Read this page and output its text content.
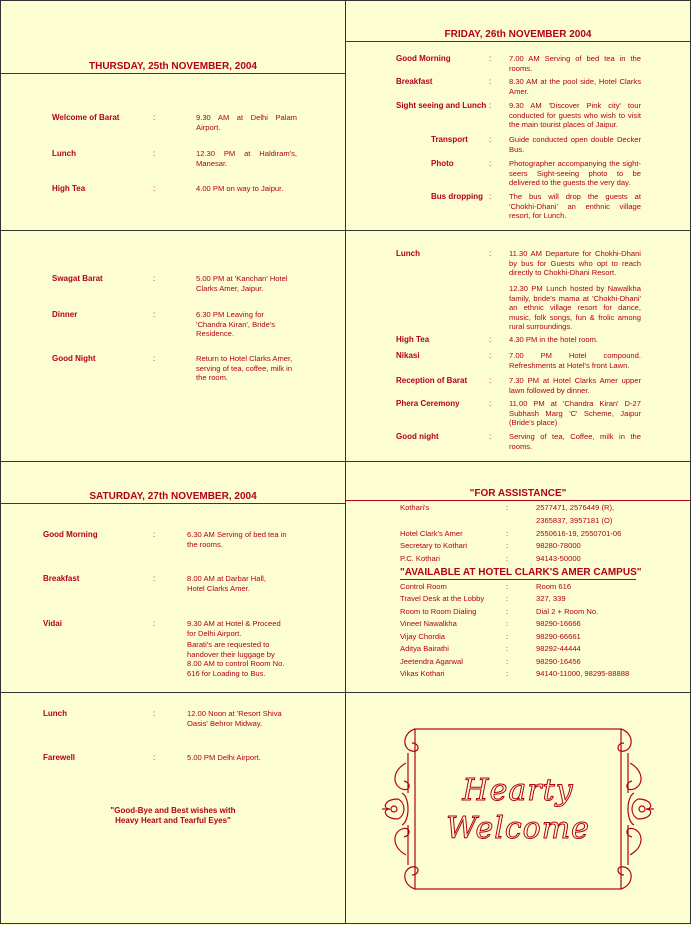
THURSDAY, 25th NOVEMBER, 2004
Welcome of Barat	:	9.30 AM at Delhi Palam Airport.
Lunch	:	12.30 PM at Haldiram's, Manesar.
High Tea	:	4.00 PM on way to Jaipur.
FRIDAY, 26th NOVEMBER 2004
Good Morning	: 7.00 AM Serving of bed tea in the rooms.
Breakfast	: 8.30 AM at the pool side, Hotel Clarks Amer.
Sight seeing and Lunch : 9.30 AM 'Discover Pink city' tour conducted for guests who wish to visit the main tourist places of Jaipur.
Transport	: Guide conducted open double Decker Bus.
Photo	: Photographer accompanying the sight-seers Sight-seeing photo to be delivered to the guests the very day.
Bus dropping : The bus will drop the guests at 'Chokhi-Dhani' an enthnic village resort, for Lunch.
Swagat Barat	:	5.00 PM at 'Kanchan' Hotel Clarks Amer, Jaipur.
Dinner	:	6.30 PM Leaving for 'Chandra Kiran', Bride's Residence.
Good Night	:	Return to Hotel Clarks Amer, serving of tea, coffee, milk in the room.
Lunch	: 11.30 AM Departure for Chokhi-Dhani by bus for Guests who opt to reach directly to Chokhi-Dhani Resort.
12.30 PM Lunch hosted by Nawalkha family, bride's mama at 'Chokhi-Dhani' an ethnic village resort for dance, music, folk songs, fun & frolic among rural surroundings.
High Tea	: 4.30 PM in the hotel room.
Nikasi	: 7.00 PM Hotel compound. Refreshments at Hotel's front Lawn.
Reception of Barat	: 7.30 PM at Hotel Clarks Amer upper lawn followed by dinner.
Phera Ceremony	: 11.00 PM at 'Chandra Kiran' D-27 Subhash Marg 'C' Scheme, Jaipur (Bride's place)
Good night	: Serving of tea, Coffee, milk in the rooms.
SATURDAY, 27th NOVEMBER, 2004
Good Morning	:	6.30 AM Serving of bed tea in the rooms.
Breakfast	:	8.00 AM at Darbar Hall, Hotel Clarks Amer.
Vidai	:	9.30 AM at Hotel & Proceed for Delhi Airport.
Barati's are requested to handover their luggage by 8.00 AM to control Room No. 616 for Loading to Bus.
"FOR ASSISTANCE"
Kothari's	:	2577471, 2576449 (R),
2365837, 3957181 (O)
Hotel Clark's Amer	:	2550616-19, 2550701-06
Secretary to Kothari	:	98280-78000
P.C. Kothari	:	94143-50000
"AVAILABLE AT HOTEL CLARK'S AMER CAMPUS"
Control Room	:	Room 616
Travel Desk at the Lobby	:	327, 339
Room to Room Dialing	:	Dial 2 + Room No.
Vineet Nawalkha	:	98290-16666
Vijay Chordia	:	98290-66661
Aditya Bairathi	:	98292-44444
Jeetendra Agarwal	:	98290-16456
Vikas Kothari	:	94140-11000, 98295-88888
Lunch	:	12.00 Noon at 'Resort Shiva Oasis' Behror Midway.
Farewell	:	5.00 PM Delhi Airport.
"Good-Bye and Best wishes with
Heavy Heart and Tearful Eyes"
Hearty
Welcome
